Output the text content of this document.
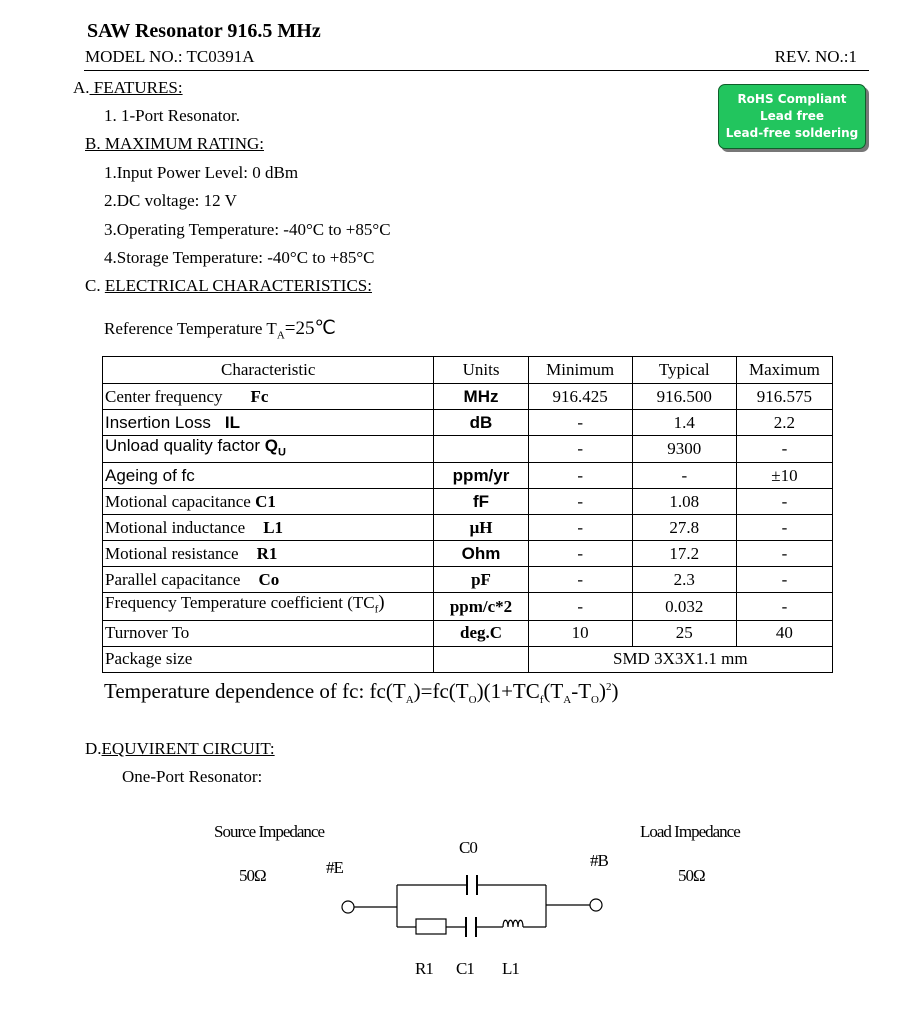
SAW Resonator 916.5 MHz
MODEL NO.: TC0391A	REV. NO.:1
RoHS Compliant
Lead free
Lead-free soldering
A. FEATURES:
1. 1-Port Resonator.
B. MAXIMUM RATING:
1.Input Power Level: 0 dBm
2.DC voltage: 12 V
3.Operating Temperature: -40°C to +85°C
4.Storage Temperature: -40°C to +85°C
C. ELECTRICAL CHARACTERISTICS:
Reference Temperature $T_A=25℃$
Characteristic	Units	Minimum	Typical	Maximum
Center frequency Fc	MHz	916.425	916.500	916.575
Insertion Loss IL	dB	-	1.4	2.2
Unload quality factor $Q_U$		-	9300	-
Ageing of fc	ppm/yr	-	-	±10
Motional capacitance C1	fF	-	1.08	-
Motional inductance L1	μH	-	27.8	-
Motional resistance R1	Ohm	-	17.2	-
Parallel capacitance Co	pF	-	2.3	-
Frequency Temperature coefficient $(TC_f)$	ppm/c*2	-	0.032	-
Turnover To	deg.C	10	25	40
Package size		SMD 3X3X1.1 mm		
Temperature dependence of fc: $fc(T_A)=fc(T_O)(1+TC_f(T_A-T_O)^2)$
D.EQUVIRENT CIRCUIT:
One-Port Resonator:
Source Impedance
50Ω
Load Impedance
50Ω
#E	#B
C0
R1 C1 L1
